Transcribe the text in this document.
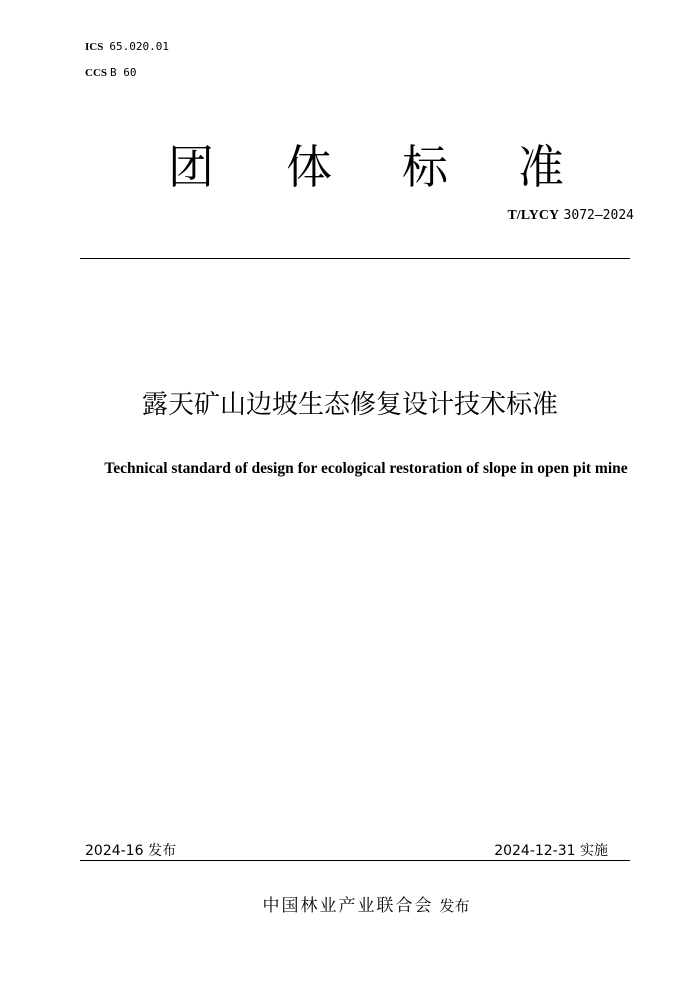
ICS 65.020.01
CCS B 60
团 体 标 准
T/LYCY 3072—2024
露天矿山边坡生态修复设计技术标准
Technical standard of design for ecological restoration of slope in open pit mine
2024-16 发布	2024-12-31 实施
中国林业产业联合会 发布
